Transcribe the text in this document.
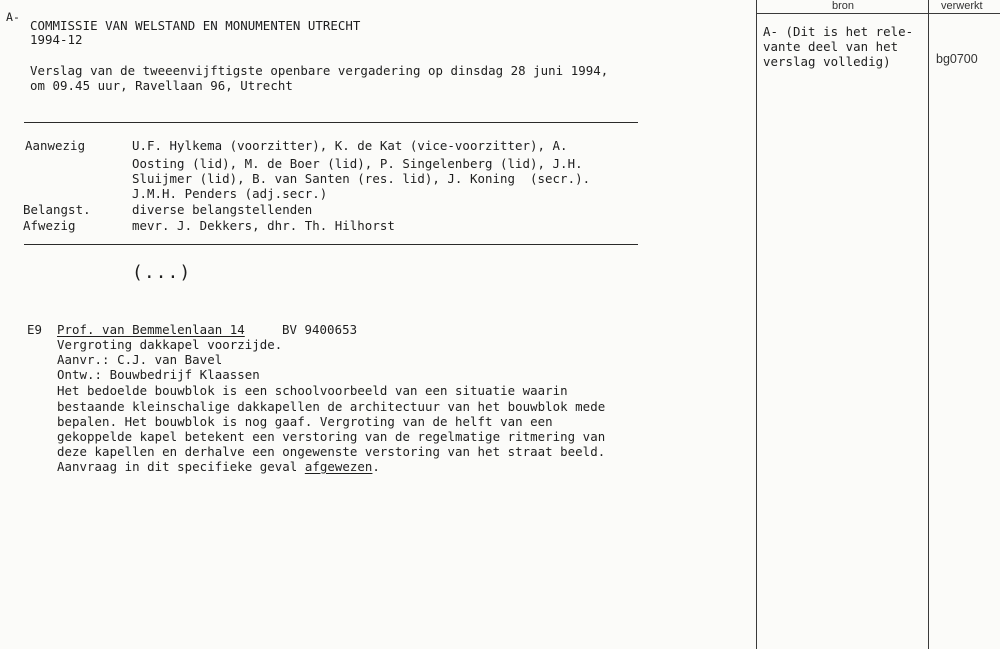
A-
COMMISSIE VAN WELSTAND EN MONUMENTEN UTRECHT
1994-12
Verslag van de tweeenvijftigste openbare vergadering op dinsdag 28 juni 1994,
om 09.45 uur, Ravellaan 96, Utrecht
Aanwezig	U.F. Hylkema (voorzitter), K. de Kat (vice-voorzitter), A.
Oosting (lid), M. de Boer (lid), P. Singelenberg (lid), J.H.
Sluijmer (lid), B. van Santen (res. lid), J. Koning  (secr.).
J.M.H. Penders (adj.secr.)
Belangst.	diverse belangstellenden
Afwezig	mevr. J. Dekkers, dhr. Th. Hilhorst
(...)
E9 Prof. van Bemmelenlaan 14	BV 9400653
Vergroting dakkapel voorzijde.
Aanvr.: C.J. van Bavel
Ontw.: Bouwbedrijf Klaassen
Het bedoelde bouwblok is een schoolvoorbeeld van een situatie waarin
bestaande kleinschalige dakkapellen de architectuur van het bouwblok mede
bepalen. Het bouwblok is nog gaaf. Vergroting van de helft van een
gekoppelde kapel betekent een verstoring van de regelmatige ritmering van
deze kapellen en derhalve een ongewenste verstoring van het straat beeld.
Aanvraag in dit specifieke geval afgewezen.
bron	verwerkt
A- (Dit is het rele-
vante deel van het
verslag volledig)	bg0700
